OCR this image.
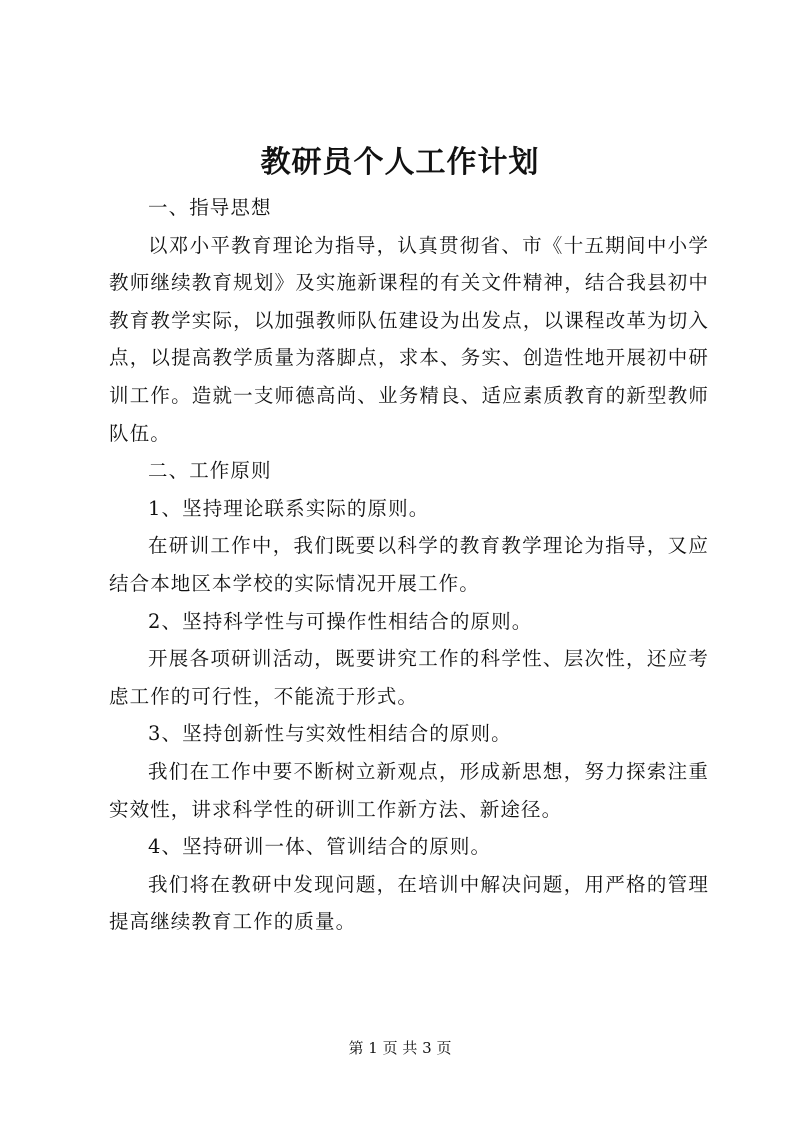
教研员个人工作计划

一、指导思想

以邓小平教育理论为指导，认真贯彻省、市《十五期间中小学教师继续教育规划》及实施新课程的有关文件精神，结合我县初中教育教学实际，以加强教师队伍建设为出发点，以课程改革为切入点，以提高教学质量为落脚点，求本、务实、创造性地开展初中研训工作。造就一支师德高尚、业务精良、适应素质教育的新型教师队伍。

二、工作原则

1、坚持理论联系实际的原则。

在研训工作中，我们既要以科学的教育教学理论为指导，又应结合本地区本学校的实际情况开展工作。

2、坚持科学性与可操作性相结合的原则。

开展各项研训活动，既要讲究工作的科学性、层次性，还应考虑工作的可行性，不能流于形式。

3、坚持创新性与实效性相结合的原则。

我们在工作中要不断树立新观点，形成新思想，努力探索注重实效性，讲求科学性的研训工作新方法、新途径。

4、坚持研训一体、管训结合的原则。

我们将在教研中发现问题，在培训中解决问题，用严格的管理提高继续教育工作的质量。

第 1 页 共 3 页
